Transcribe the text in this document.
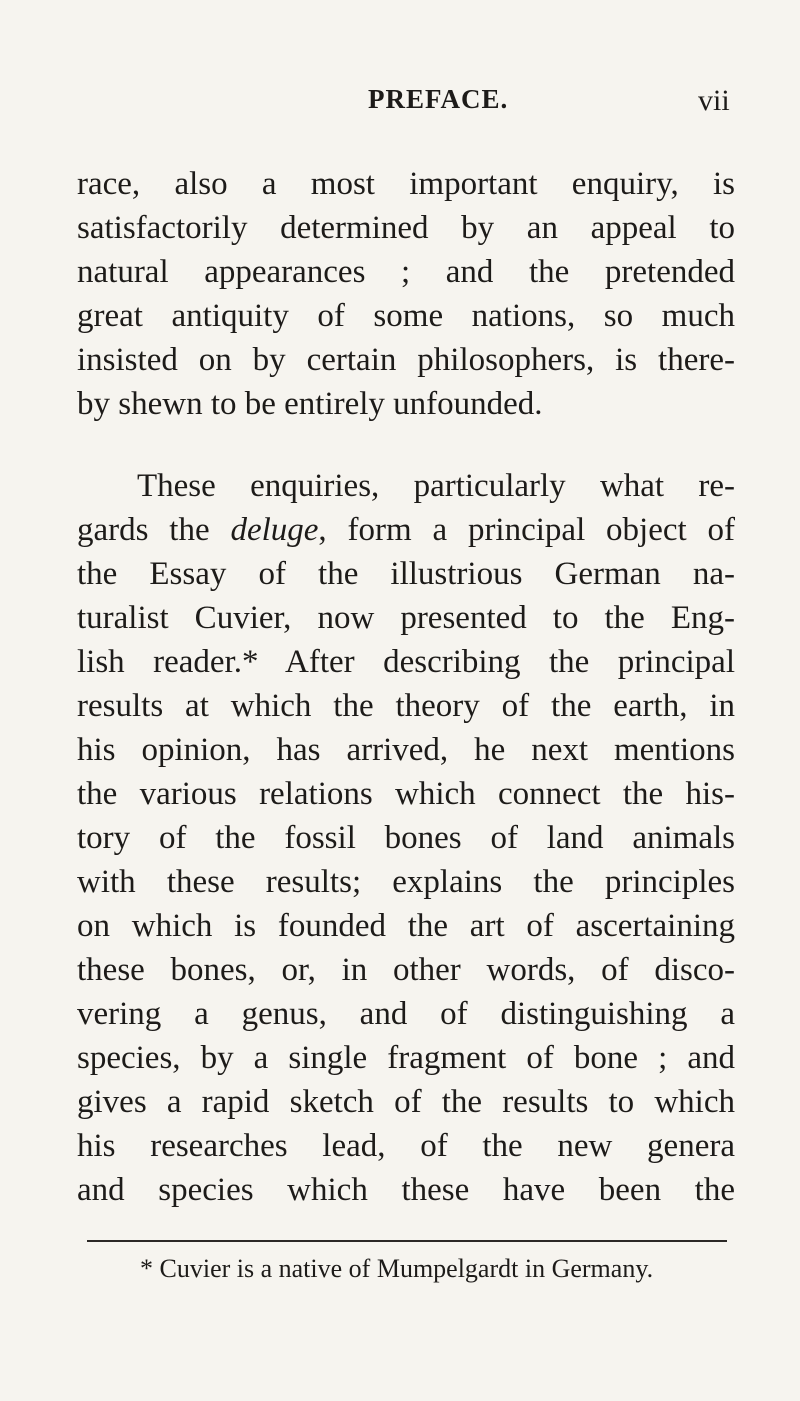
PREFACE.	vii
race, also a most important enquiry, is
satisfactorily determined by an appeal to
natural appearances ; and the pretended
great antiquity of some nations, so much
insisted on by certain philosophers, is there-
by shewn to be entirely unfounded.
These enquiries, particularly what re-
gards the deluge, form a principal object of
the Essay of the illustrious German na-
turalist Cuvier, now presented to the Eng-
lish reader.* After describing the principal
results at which the theory of the earth, in
his opinion, has arrived, he next mentions
the various relations which connect the his-
tory of the fossil bones of land animals
with these results; explains the principles
on which is founded the art of ascertaining
these bones, or, in other words, of disco-
vering a genus, and of distinguishing a
species, by a single fragment of bone ; and
gives a rapid sketch of the results to which
his researches lead, of the new genera
and species which these have been the
* Cuvier is a native of Mumpelgardt in Germany.
